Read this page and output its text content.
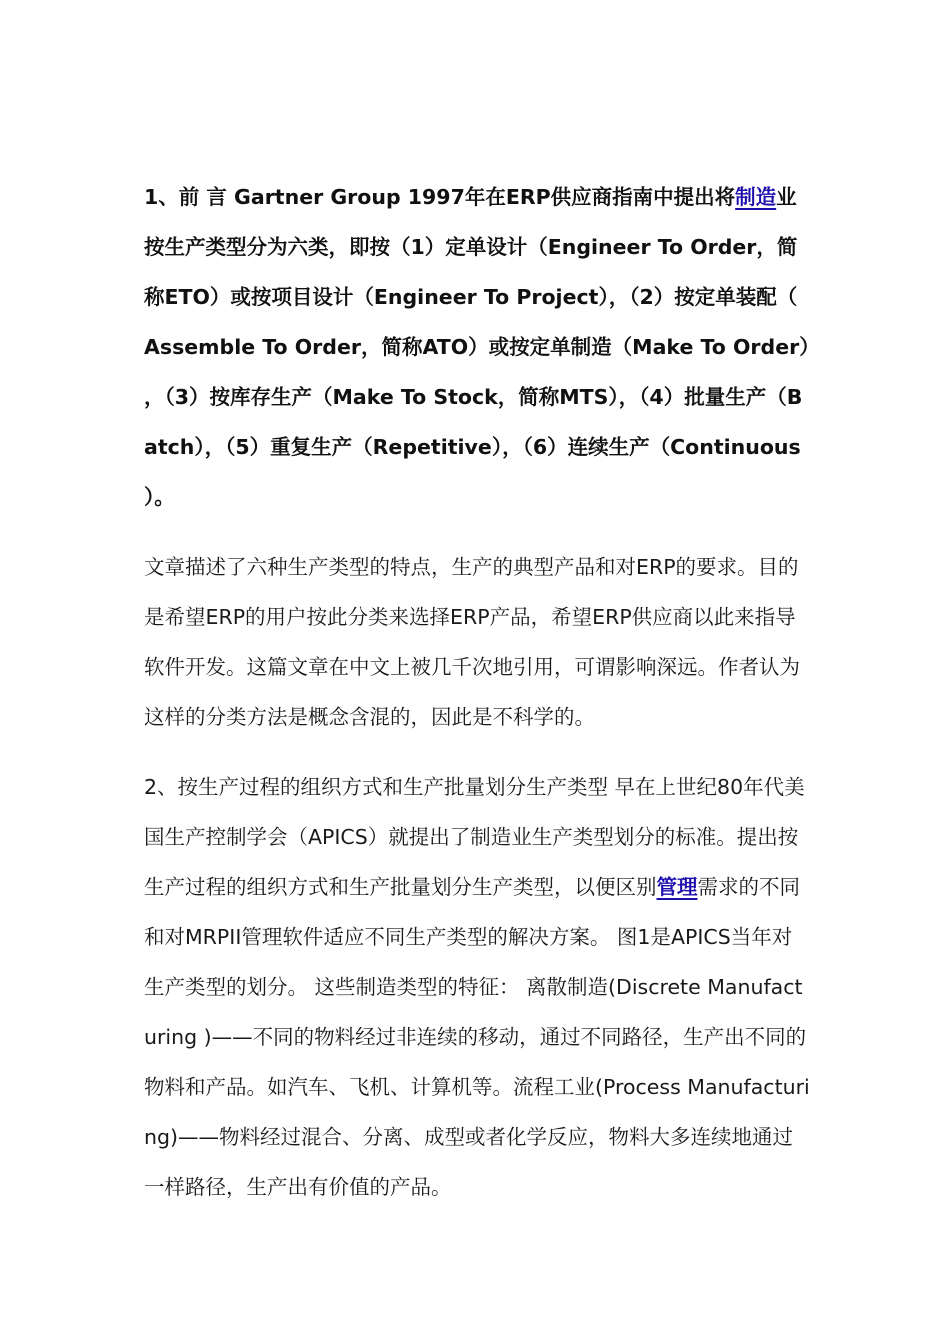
1、前 言 Gartner Group 1997年在ERP供应商指南中提出将制造业按生产类型分为六类，即按（1）定单设计（Engineer To Order，简称ETO）或按项目设计（Engineer To Project），（2）按定单装配（Assemble To Order，简称ATO）或按定单制造（Make To Order），（3）按库存生产（Make To Stock，简称MTS），（4）批量生产（Batch），（5）重复生产（Repetitive），（6）连续生产（Continuous）。

文章描述了六种生产类型的特点，生产的典型产品和对ERP的要求。目的是希望ERP的用户按此分类来选择ERP产品，希望ERP供应商以此来指导软件开发。这篇文章在中文上被几千次地引用，可谓影响深远。作者认为这样的分类方法是概念含混的，因此是不科学的。

2、按生产过程的组织方式和生产批量划分生产类型 早在上世纪80年代美国生产控制学会（APICS）就提出了制造业生产类型划分的标准。提出按生产过程的组织方式和生产批量划分生产类型，以便区别管理需求的不同和对MRPII管理软件适应不同生产类型的解决方案。 图1是APICS当年对生产类型的划分。 这些制造类型的特征： 离散制造(Discrete Manufacturing )——不同的物料经过非连续的移动，通过不同路径，生产出不同的物料和产品。如汽车、飞机、计算机等。流程工业(Process Manufacturing)——物料经过混合、分离、成型或者化学反应，物料大多连续地通过一样路径，生产出有价值的产品。
